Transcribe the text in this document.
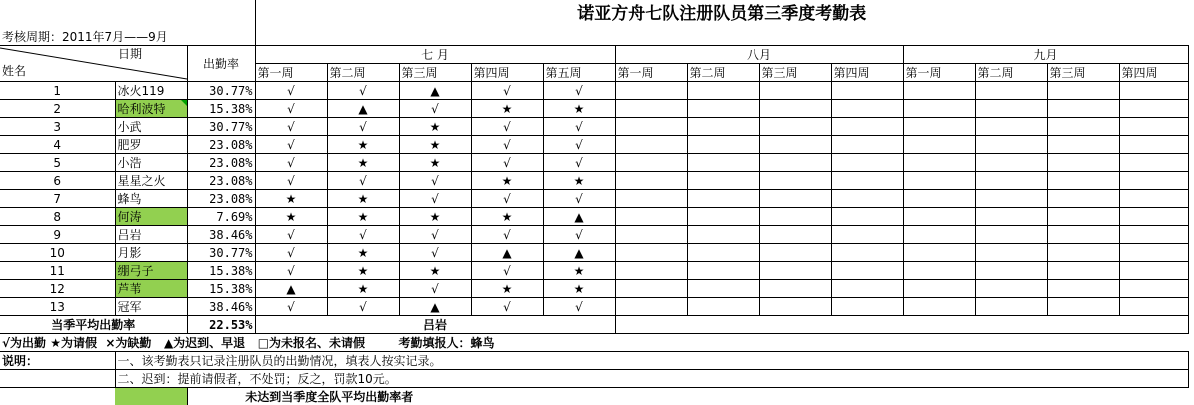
			诺亚方舟七队注册队员第三季度考勤表												
考核周期：2011年7月——9月															

日期
姓名		出勤率	七 月					八月				九月			
			第一周	第二周	第三周	第四周	第五周	第一周	第二周	第三周	第四周	第一周	第二周	第三周	第四周
1	冰火119	30.77%	√	√	▲	√	√								
2	哈利波特	15.38%	√	▲	√	★	★								
3	小武	30.77%	√	√	★	√	√								
4	肥罗	23.08%	√	★	★	√	√								
5	小浩	23.08%	√	★	★	√	√								
6	星星之火	23.08%	√	√	√	★	★								
7	蜂鸟	23.08%	★	★	√	√	√								
8	何涛	7.69%	★	★	★	★	▲								
9	吕岩	38.46%	√	√	√	√	√								
10	月影	30.77%	√	★	√	▲	▲								
11	绷弓子	15.38%	√	★	★	√	★								
12	芦苇	15.38%	▲	★	√	★	★								
13	冠军	38.46%	√	√	▲	√	√								
当季平均出勤率		22.53%	吕岩												
√为出勤 ★为请假 ×为缺勤 ▲为迟到、早退 □为未报名、未请假 考勤填报人：蜂鸟															
说明：	一、该考勤表只记录注册队员的出勤情况，填表人按实记录。														
	二、迟到：提前请假者，不处罚；反之，罚款10元。														
		未达到当季度全队平均出勤率者													
